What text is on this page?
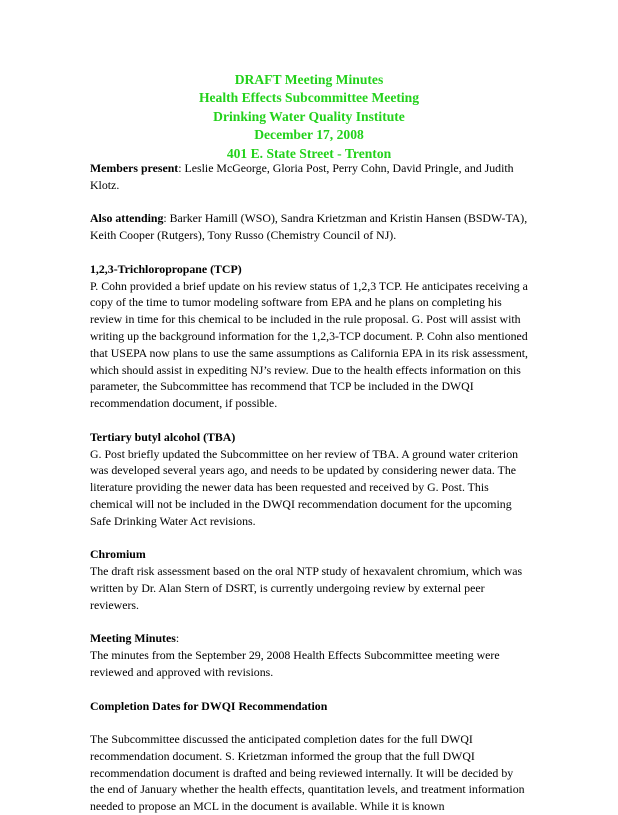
DRAFT Meeting Minutes
Health Effects Subcommittee Meeting
Drinking Water Quality Institute
December 17, 2008
401 E. State Street - Trenton

Members present: Leslie McGeorge, Gloria Post, Perry Cohn, David Pringle, and Judith Klotz.

Also attending: Barker Hamill (WSO), Sandra Krietzman and Kristin Hansen (BSDW-TA), Keith Cooper (Rutgers), Tony Russo (Chemistry Council of NJ).

1,2,3-Trichloropropane (TCP)
P. Cohn provided a brief update on his review status of 1,2,3 TCP. He anticipates receiving a copy of the time to tumor modeling software from EPA and he plans on completing his review in time for this chemical to be included in the rule proposal. G. Post will assist with writing up the background information for the 1,2,3-TCP document. P. Cohn also mentioned that USEPA now plans to use the same assumptions as California EPA in its risk assessment, which should assist in expediting NJ’s review. Due to the health effects information on this parameter, the Subcommittee has recommend that TCP be included in the DWQI recommendation document, if possible.

Tertiary butyl alcohol (TBA)
G. Post briefly updated the Subcommittee on her review of TBA. A ground water criterion was developed several years ago, and needs to be updated by considering newer data. The literature providing the newer data has been requested and received by G. Post. This chemical will not be included in the DWQI recommendation document for the upcoming Safe Drinking Water Act revisions.

Chromium
The draft risk assessment based on the oral NTP study of hexavalent chromium, which was written by Dr. Alan Stern of DSRT, is currently undergoing review by external peer reviewers.

Meeting Minutes:
The minutes from the September 29, 2008 Health Effects Subcommittee meeting were reviewed and approved with revisions.

Completion Dates for DWQI Recommendation

The Subcommittee discussed the anticipated completion dates for the full DWQI recommendation document. S. Krietzman informed the group that the full DWQI recommendation document is drafted and being reviewed internally. It will be decided by the end of January whether the health effects, quantitation levels, and treatment information needed to propose an MCL in the document is available. While it is known
